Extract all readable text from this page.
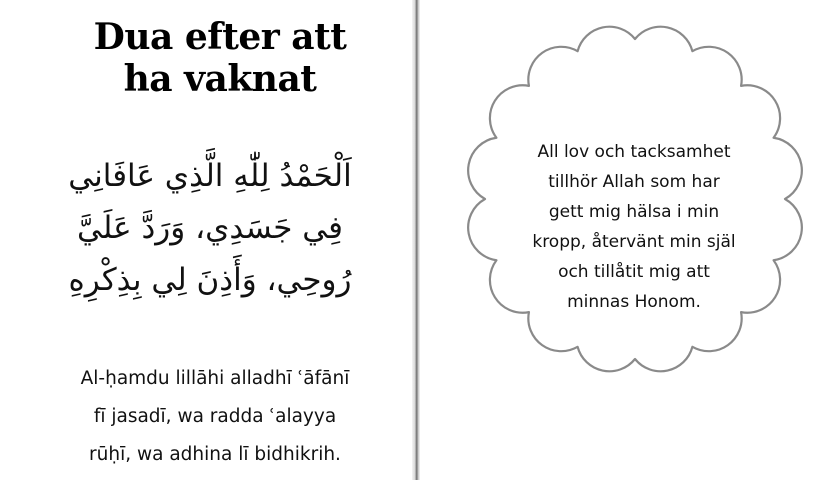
Dua efter att
ha vaknat

اَلْحَمْدُ لِلّٰهِ الَّذِي عَافَانِي
فِي جَسَدِي، وَرَدَّ عَلَيَّ
رُوحِي، وَأَذِنَ لِي بِذِكْرِهِ

Al-ḥamdu lillāhi alladhī ʿāfānī
fī jasadī, wa radda ʿalayya
rūḥī, wa adhina lī bidhikrih.

All lov och tacksamhet
tillhör Allah som har
gett mig hälsa i min
kropp, återvänt min själ
och tillåtit mig att
minnas Honom.
